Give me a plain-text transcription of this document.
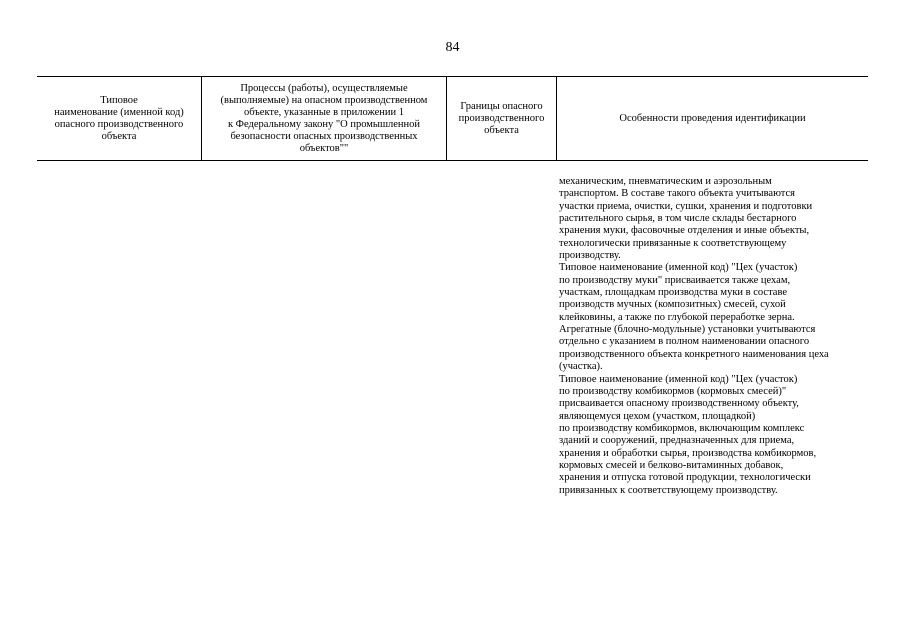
84
Типовое
наименование (именной код)
опасного производственного
объекта
Процессы (работы), осуществляемые
(выполняемые) на опасном производственном
объекте, указанные в приложении 1
к Федеральному закону "О промышленной
безопасности опасных производственных
объектов""
Границы опасного
производственного
объекта
Особенности проведения идентификации
механическим, пневматическим и аэрозольным
транспортом. В составе такого объекта учитываются
участки приема, очистки, сушки, хранения и подготовки
растительного сырья, в том числе склады бестарного
хранения муки, фасовочные отделения и иные объекты,
технологически привязанные к соответствующему
производству.
Типовое наименование (именной код) "Цех (участок)
по производству муки" присваивается также цехам,
участкам, площадкам производства муки в составе
производств мучных (композитных) смесей, сухой
клейковины, а также по глубокой переработке зерна.
Агрегатные (блочно-модульные) установки учитываются
отдельно с указанием в полном наименовании опасного
производственного объекта конкретного наименования цеха
(участка).
Типовое наименование (именной код) "Цех (участок)
по производству комбикормов (кормовых смесей)"
присваивается опасному производственному объекту,
являющемуся цехом (участком, площадкой)
по производству комбикормов, включающим комплекс
зданий и сооружений, предназначенных для приема,
хранения и обработки сырья, производства комбикормов,
кормовых смесей и белково-витаминных добавок,
хранения и отпуска готовой продукции, технологически
привязанных к соответствующему производству.
